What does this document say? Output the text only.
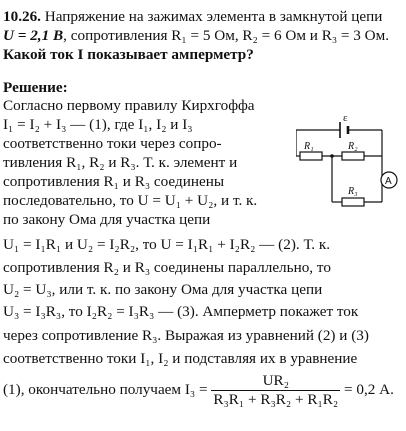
10.26. Напряжение на зажимах элемента в замкнутой цепи
U = 2,1 В, сопротивления R₁ = 5 Ом, R₂ = 6 Ом и R₃ = 3 Ом.
Какой ток I показывает амперметр?
Решение:
Согласно первому правилу Кирхгоффа
I₁ = I₂ + I₃ — (1), где I₁, I₂ и I₃
соответственно токи через сопро-
тивления R₁, R₂ и R₃. Т. к. элемент и
сопротивления R₁ и R₃ соединены
последовательно, то U = U₁ + U₂, и т. к.
по закону Ома для участка цепи
U₁ = I₁R₁ и U₂ = I₂R₂, то U = I₁R₁ + I₂R₂ — (2). Т. к.
сопротивления R₂ и R₃ соединены параллельно, то
U₂ = U₃, или т. к. по закону Ома для участка цепи
U₃ = I₃R₃, то I₂R₂ = I₃R₃ — (3). Амперметр покажет ток
через сопротивление R₃. Выражая из уравнений (2) и (3)
соответственно токи I₁, I₂ и подставляя их в уравнение
(1), окончательно получаем $I_3 = \frac{\text{UR₂}}{\text{R₃R₁ + R₃R₂ + R₁R₂}} = 0,2$ А.
ε
R₁	R₂
R₃
A
